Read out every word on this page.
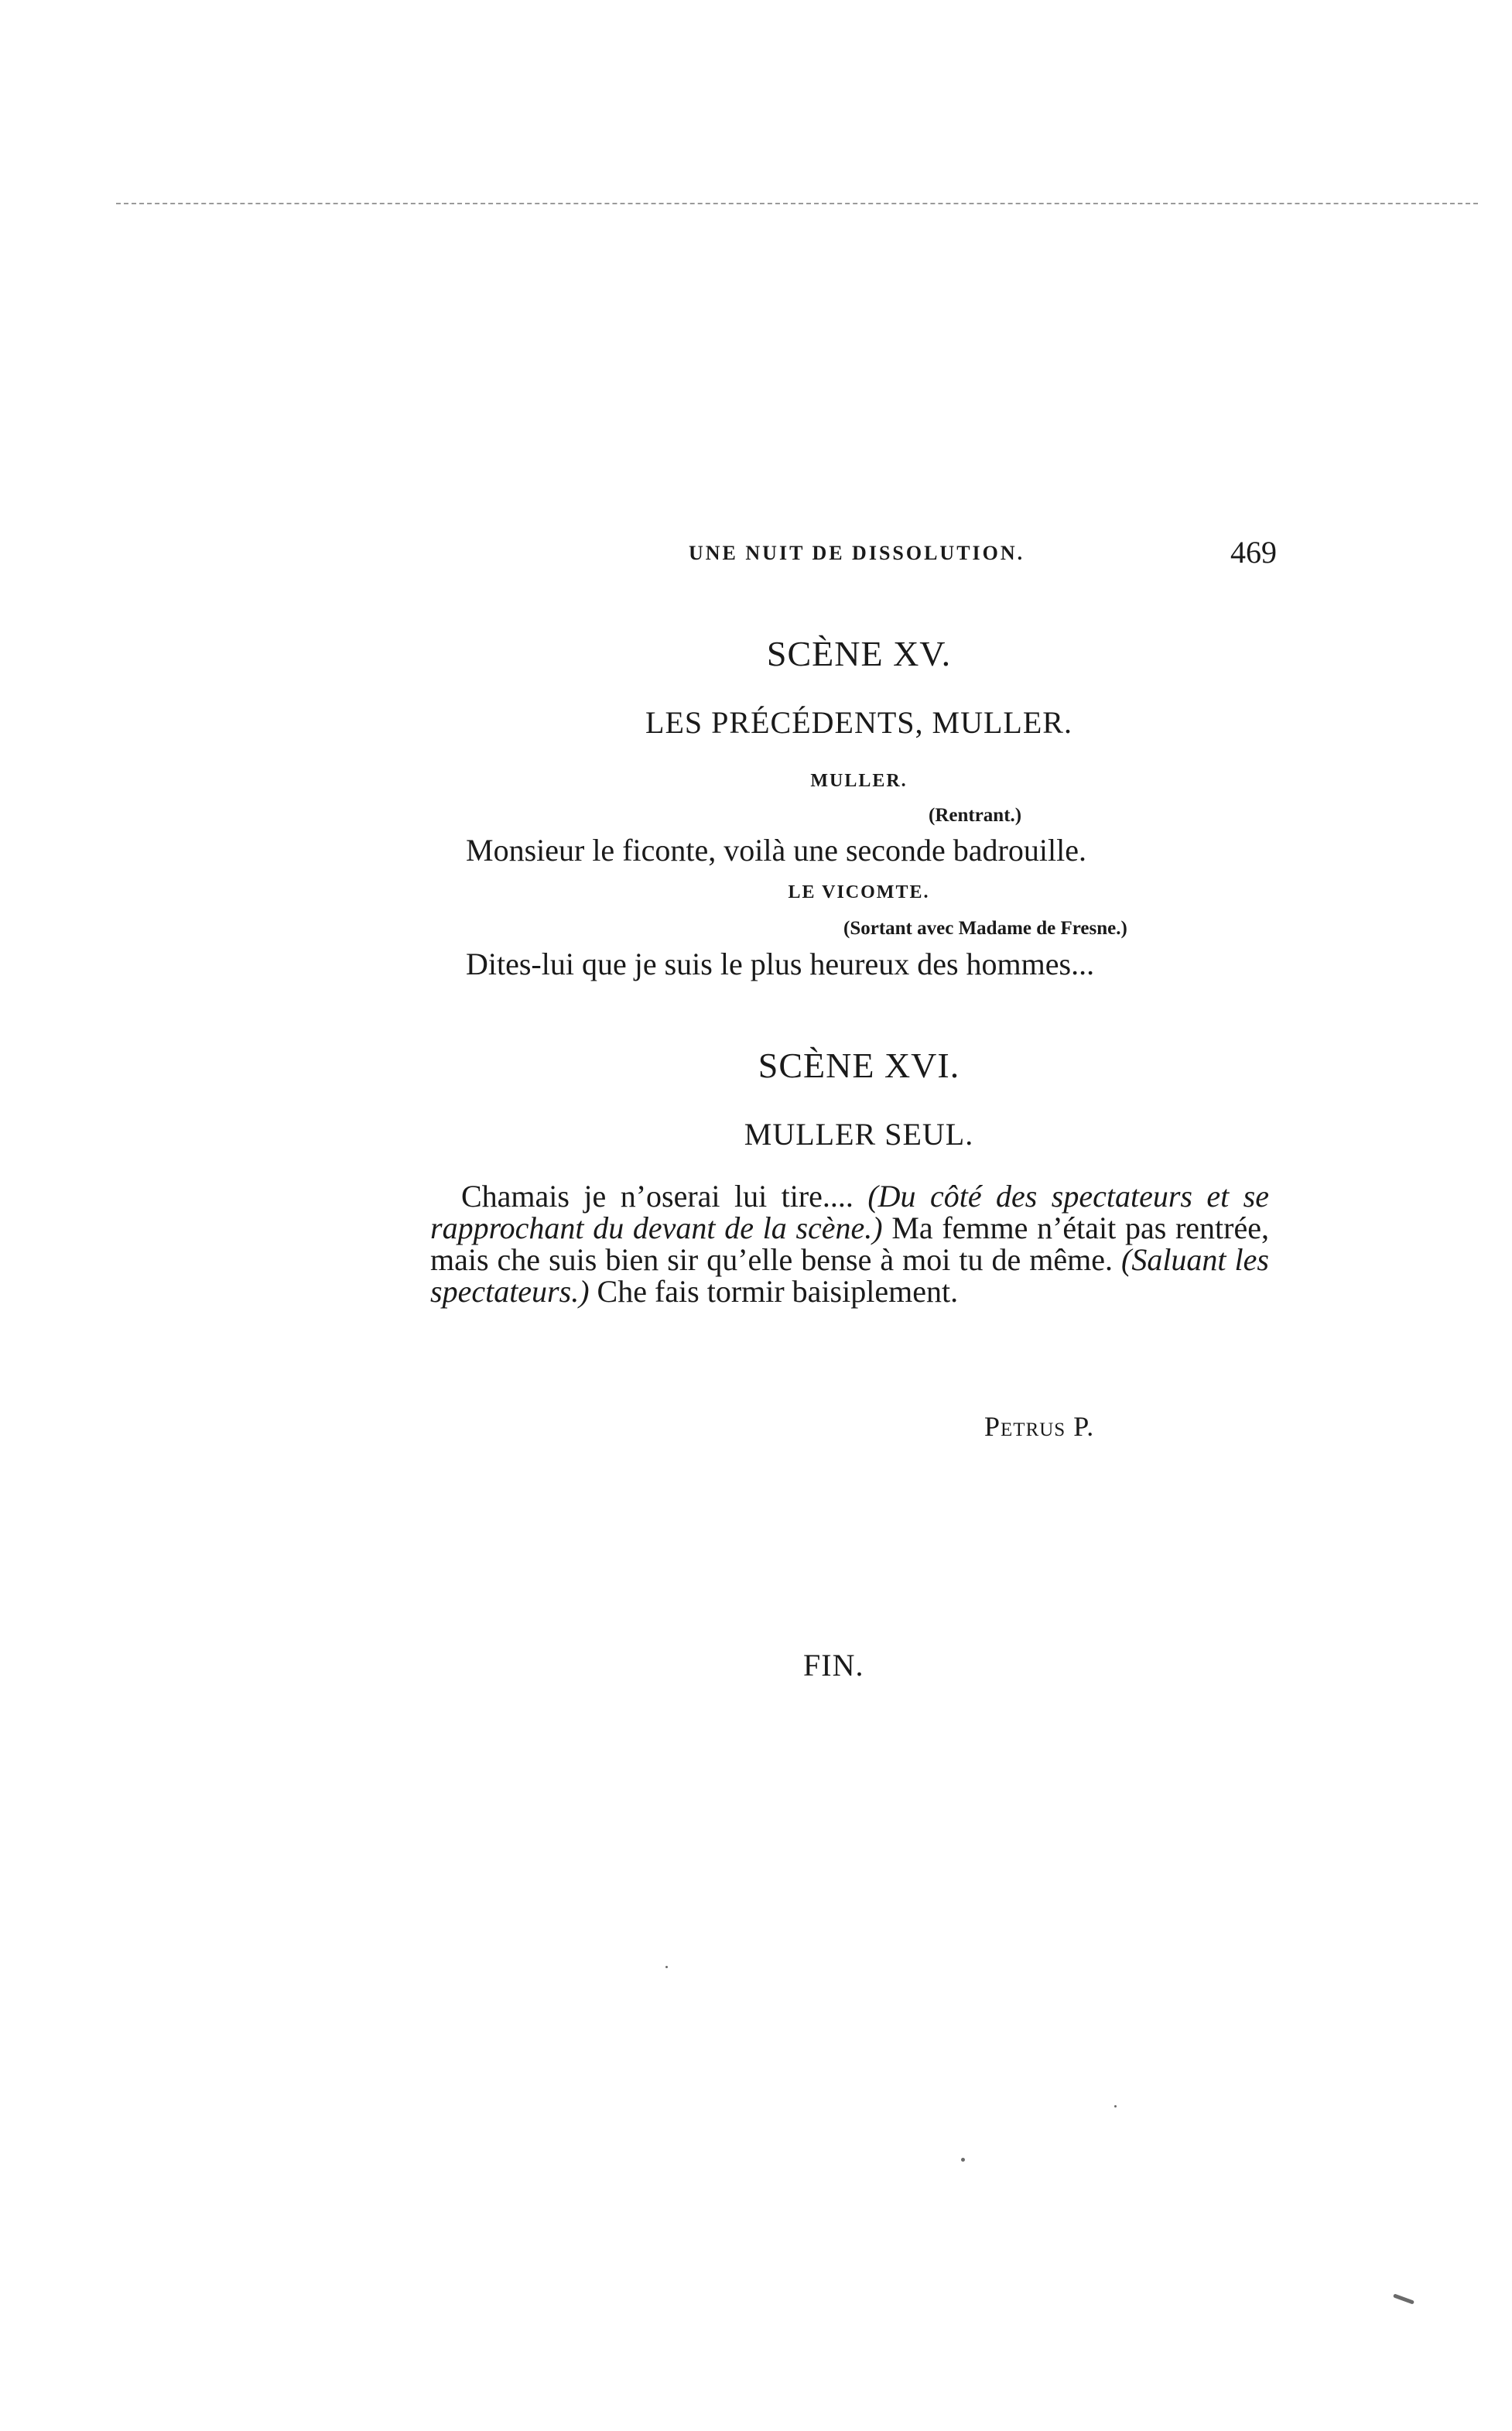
UNE NUIT DE DISSOLUTION.	469
SCÈNE XV.
LES PRÉCÉDENTS, MULLER.
MULLER.
(Rentrant.)
Monsieur le ficonte, voilà une seconde badrouille.
LE VICOMTE.
(Sortant avec Madame de Fresne.)
Dites-lui que je suis le plus heureux des hommes...
SCÈNE XVI.
MULLER SEUL.
Chamais je n’oserai lui tire.... (Du côté des spectateurs et se rapprochant du devant de la scène.) Ma femme n’était pas rentrée, mais che suis bien sir qu’elle bense à moi tu de même. (Saluant les spectateurs.) Che fais tormir baisiplement.
Petrus P.
FIN.
